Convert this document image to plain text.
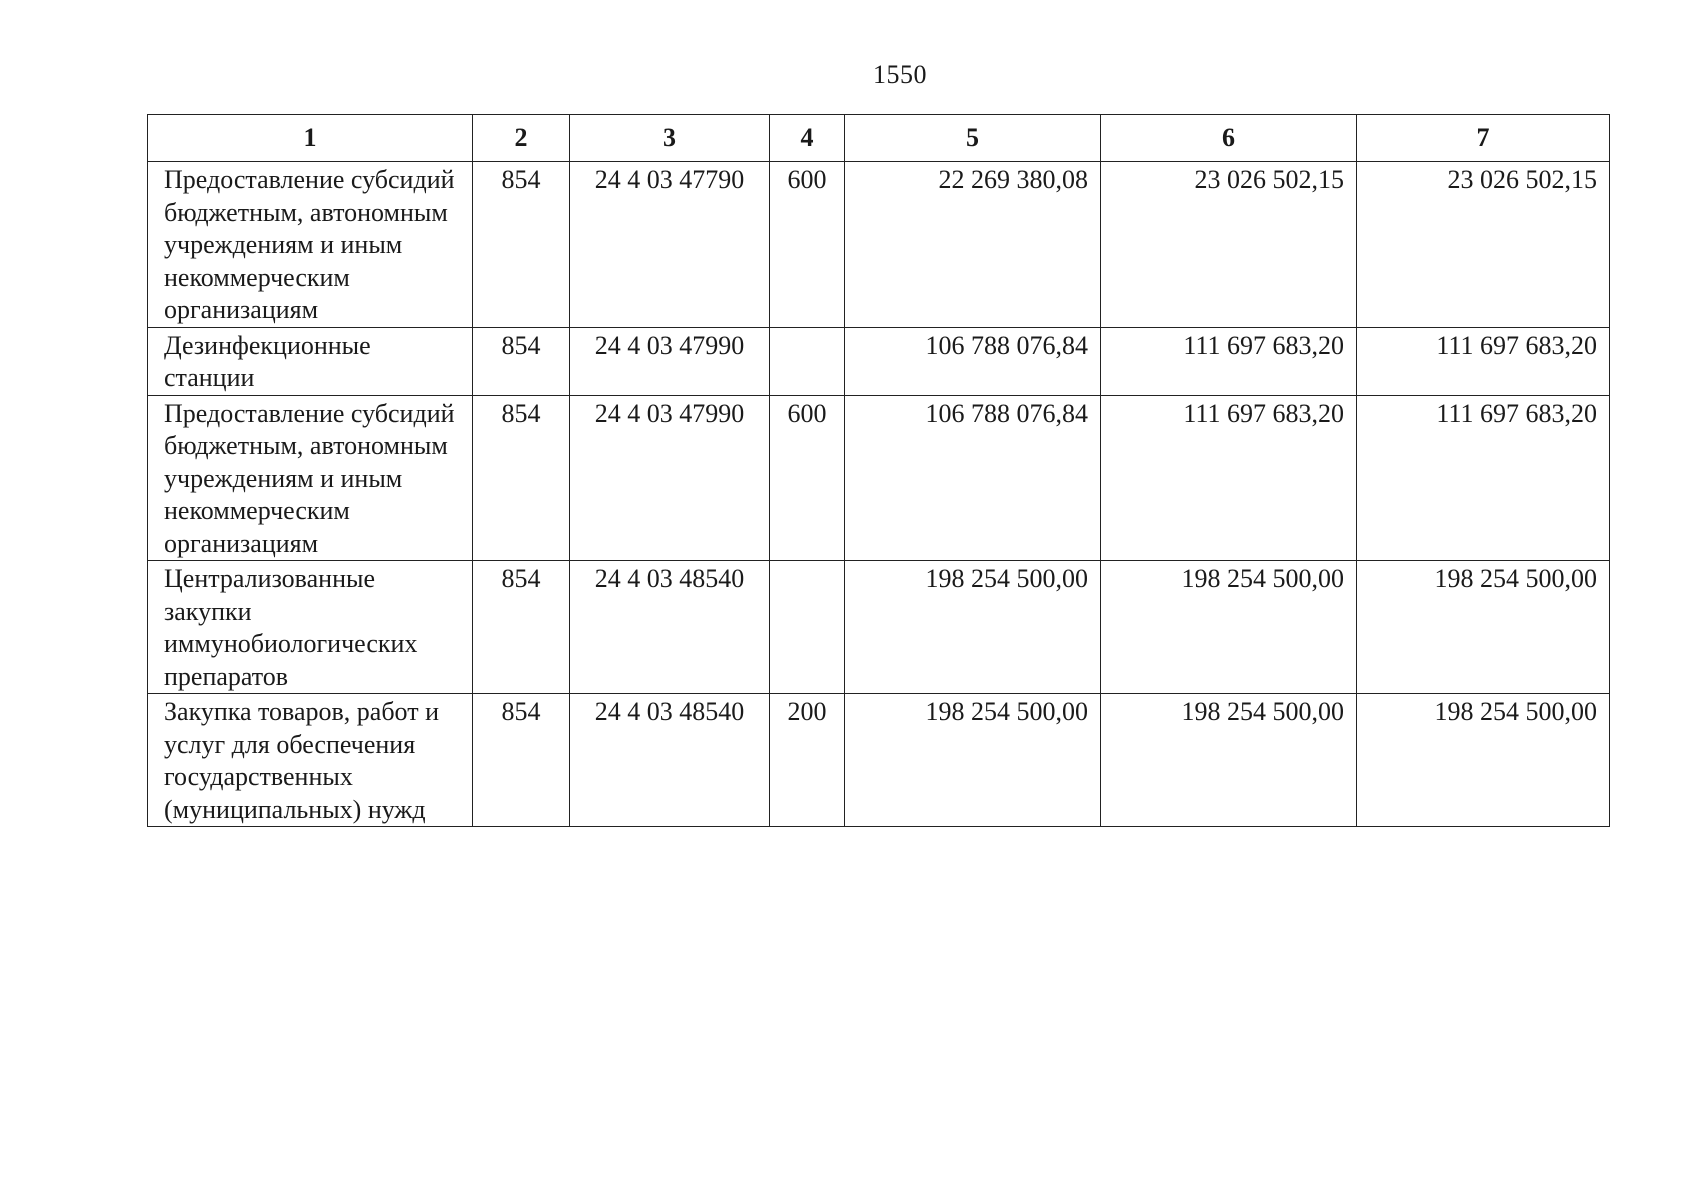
1550
1	2	3	4	5	6	7
Предоставление субсидий бюджетным, автономным учреждениям и иным некоммерческим организациям	854	24 4 03 47790	600	22 269 380,08	23 026 502,15	23 026 502,15
Дезинфекционные станции	854	24 4 03 47990		106 788 076,84	111 697 683,20	111 697 683,20
Предоставление субсидий бюджетным, автономным учреждениям и иным некоммерческим организациям	854	24 4 03 47990	600	106 788 076,84	111 697 683,20	111 697 683,20
Централизованные закупки иммунобиологических препаратов	854	24 4 03 48540		198 254 500,00	198 254 500,00	198 254 500,00
Закупка товаров, работ и услуг для обеспечения государственных (муниципальных) нужд	854	24 4 03 48540	200	198 254 500,00	198 254 500,00	198 254 500,00
